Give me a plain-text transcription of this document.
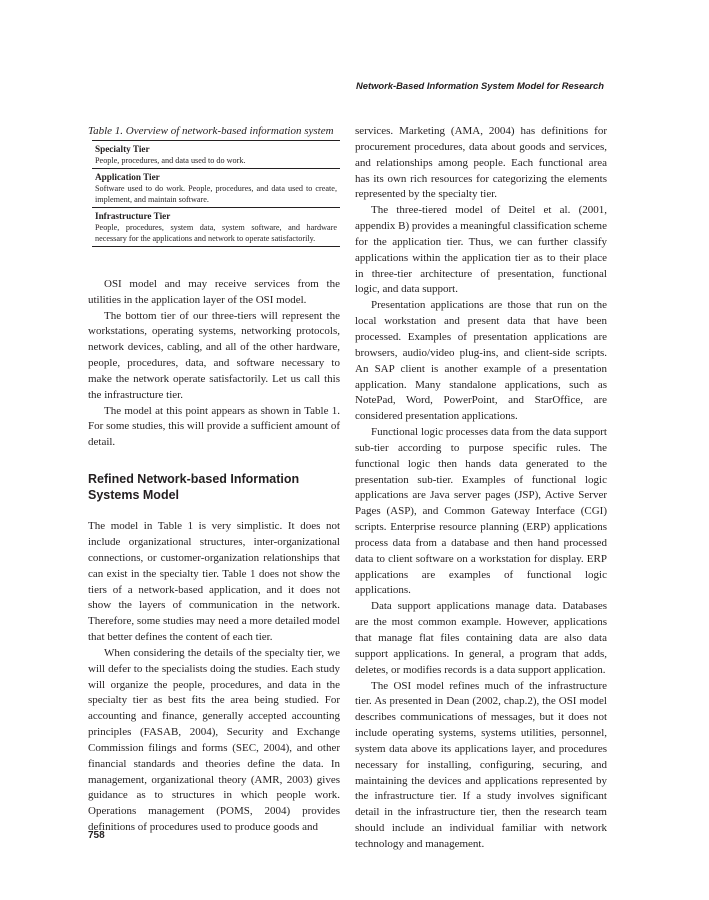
Network-Based Information System Model for Research

Table 1. Overview of network-based information system

Specialty Tier
People, procedures, and data used to do work.
Application Tier
Software used to do work. People, procedures, and data used to create, implement, and maintain software.
Infrastructure Tier
People, procedures, system data, system software, and hardware necessary for the applications and network to operate satisfactorily.

OSI model and may receive services from the utilities in the application layer of the OSI model.

The bottom tier of our three-tiers will represent the workstations, operating systems, networking protocols, network devices, cabling, and all of the other hardware, people, procedures, data, and software necessary to make the network operate satisfactorily. Let us call this the infrastructure tier.

The model at this point appears as shown in Table 1. For some studies, this will provide a sufficient amount of detail.

Refined Network-based Information Systems Model

The model in Table 1 is very simplistic. It does not include organizational structures, inter-organizational connections, or customer-organization relationships that can exist in the specialty tier. Table 1 does not show the tiers of a network-based application, and it does not show the layers of communication in the network. Therefore, some studies may need a more detailed model that better defines the content of each tier.

When considering the details of the specialty tier, we will defer to the specialists doing the studies. Each study will organize the people, procedures, and data in the specialty tier as best fits the area being studied. For accounting and finance, generally accepted accounting principles (FASAB, 2004), Security and Exchange Commission filings and forms (SEC, 2004), and other financial standards and theories define the data. In management, organizational theory (AMR, 2003) gives guidance as to structures in which people work. Operations management (POMS, 2004) provides definitions of procedures used to produce goods and

services. Marketing (AMA, 2004) has definitions for procurement procedures, data about goods and services, and relationships among people. Each functional area has its own rich resources for categorizing the elements represented by the specialty tier.

The three-tiered model of Deitel et al. (2001, appendix B) provides a meaningful classification scheme for the application tier. Thus, we can further classify applications within the application tier as to their place in three-tier architecture of presentation, functional logic, and data support.

Presentation applications are those that run on the local workstation and present data that have been processed. Examples of presentation applications are browsers, audio/video plug-ins, and client-side scripts. An SAP client is another example of a presentation application. Many standalone applications, such as NotePad, Word, PowerPoint, and StarOffice, are considered presentation applications.

Functional logic processes data from the data support sub-tier according to purpose specific rules. The functional logic then hands data generated to the presentation sub-tier. Examples of functional logic applications are Java server pages (JSP), Active Server Pages (ASP), and Common Gateway Interface (CGI) scripts. Enterprise resource planning (ERP) applications process data from a database and then hand processed data to client software on a workstation for display. ERP applications are examples of functional logic applications.

Data support applications manage data. Databases are the most common example. However, applications that manage flat files containing data are also data support applications. In general, a program that adds, deletes, or modifies records is a data support application.

The OSI model refines much of the infrastructure tier. As presented in Dean (2002, chap.2), the OSI model describes communications of messages, but it does not include operating systems, systems utilities, personnel, system data above its applications layer, and procedures necessary for installing, configuring, securing, and maintaining the devices and applications represented by the infrastructure tier. If a study involves significant detail in the infrastructure tier, then the research team should include an individual familiar with network technology and management.

758
